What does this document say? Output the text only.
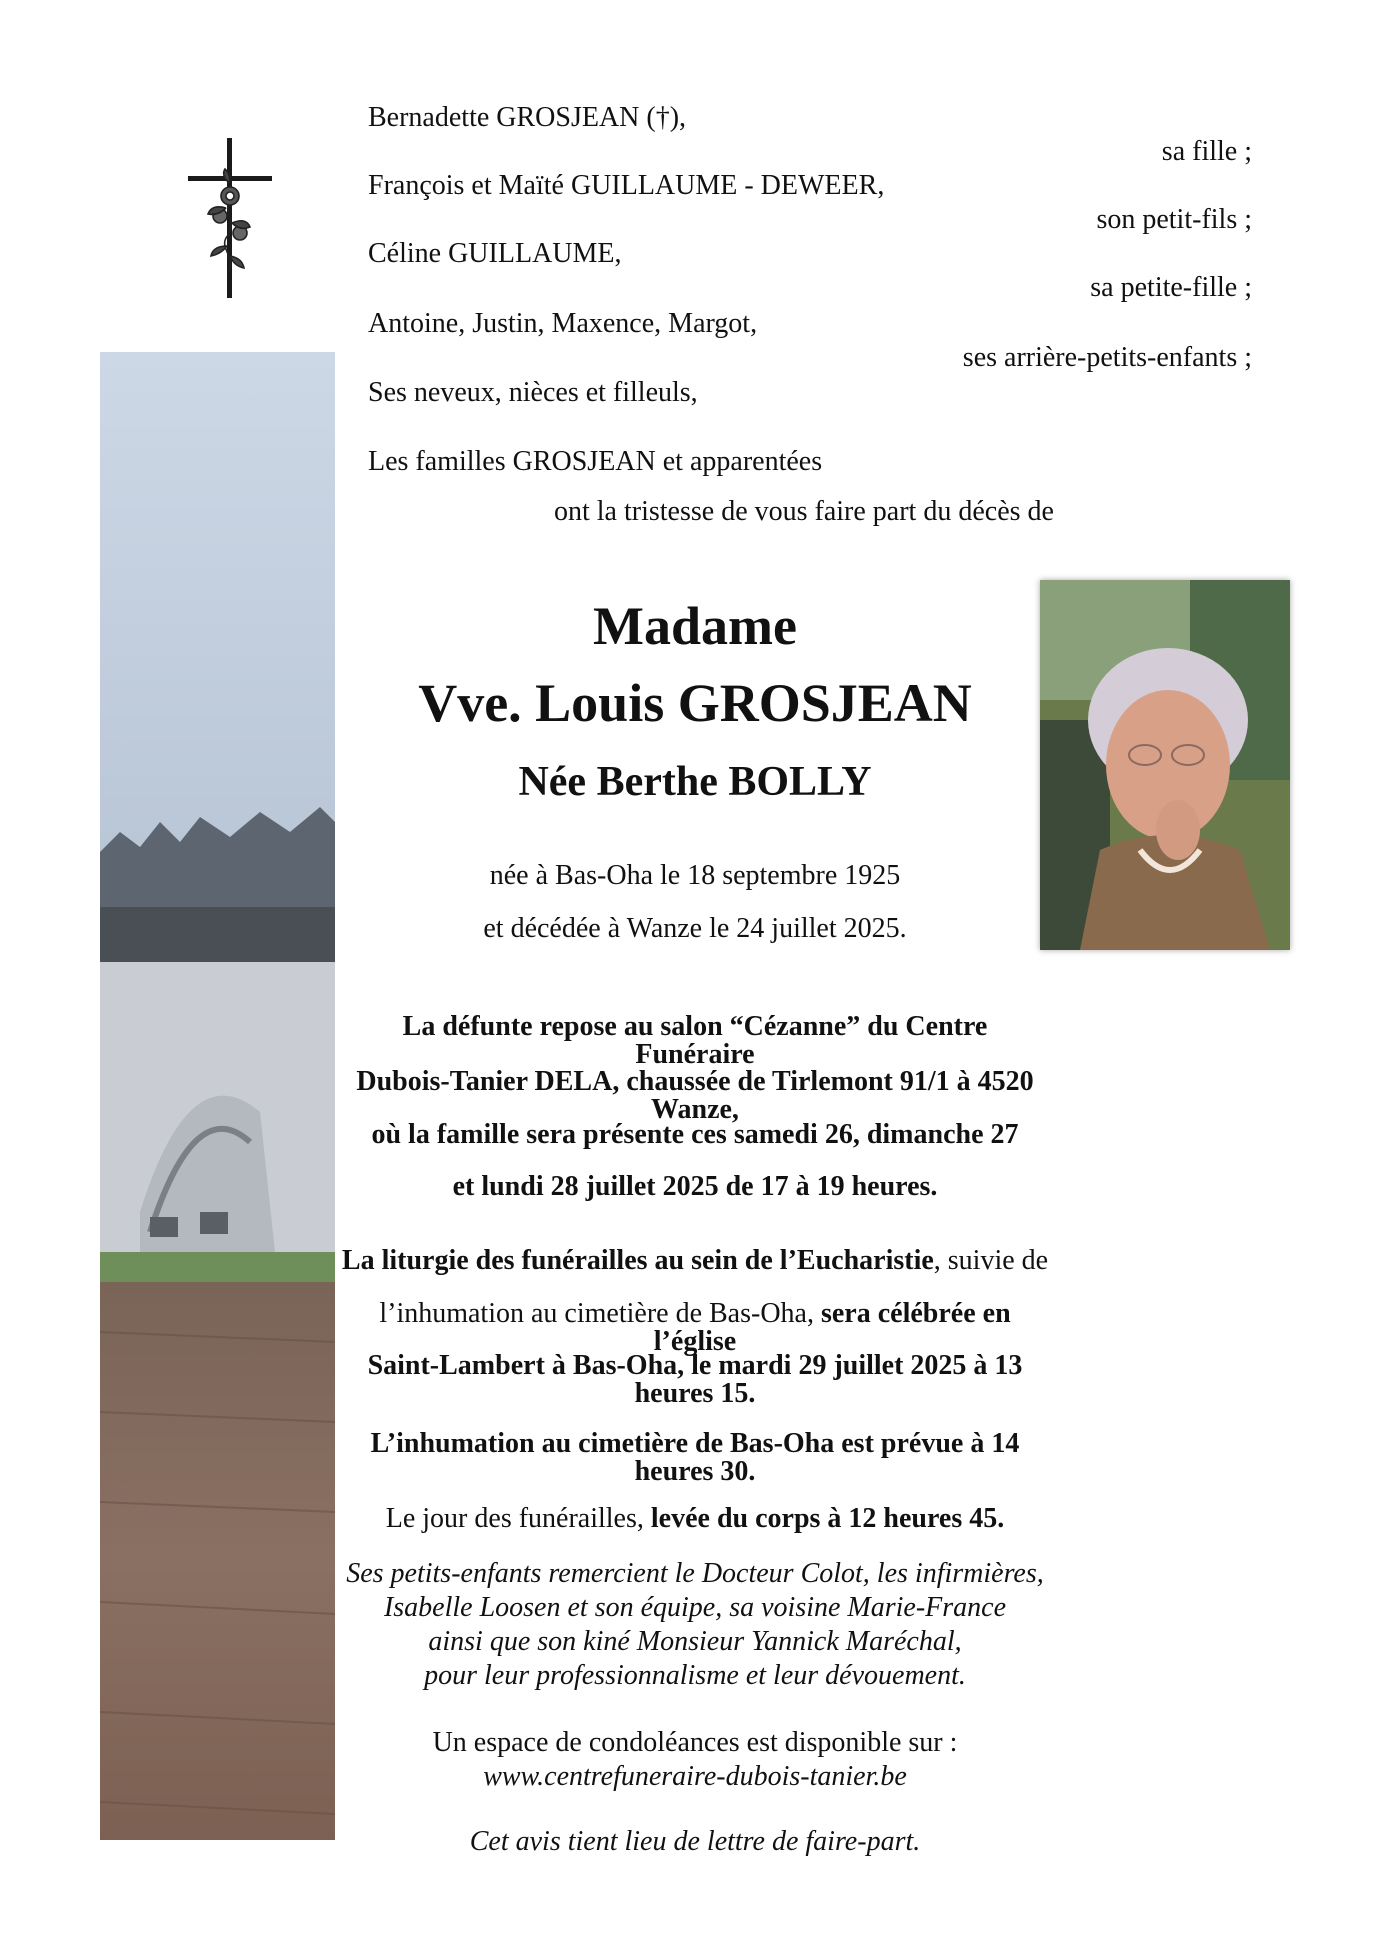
Bernadette GROSJEAN (†),
sa fille ;
François et Maïté GUILLAUME - DEWEER,
son petit-fils ;
Céline GUILLAUME,
sa petite-fille ;
Antoine, Justin, Maxence, Margot,
ses arrière-petits-enfants ;
Ses neveux, nièces et filleuls,
Les familles GROSJEAN et apparentées
ont la tristesse de vous faire part du décès de
Madame
Vve. Louis GROSJEAN
Née Berthe BOLLY
née à Bas-Oha le 18 septembre 1925
et décédée à Wanze le 24 juillet 2025.
La défunte repose au salon “Cézanne” du Centre Funéraire
Dubois-Tanier DELA, chaussée de Tirlemont 91/1 à 4520 Wanze,
où la famille sera présente ces samedi 26, dimanche 27
et lundi 28 juillet 2025 de 17 à 19 heures.
La liturgie des funérailles au sein de l’Eucharistie, suivie de
l’inhumation au cimetière de Bas-Oha, sera célébrée en l’église
Saint-Lambert à Bas-Oha, le mardi 29 juillet 2025 à 13 heures 15.
L’inhumation au cimetière de Bas-Oha est prévue à 14 heures 30.
Le jour des funérailles, levée du corps à 12 heures 45.
Ses petits-enfants remercient le Docteur Colot, les infirmières,
Isabelle Loosen et son équipe, sa voisine Marie-France
ainsi que son kiné Monsieur Yannick Maréchal,
pour leur professionnalisme et leur dévouement.
Un espace de condoléances est disponible sur :
www.centrefuneraire-dubois-tanier.be
Cet avis tient lieu de lettre de faire-part.
